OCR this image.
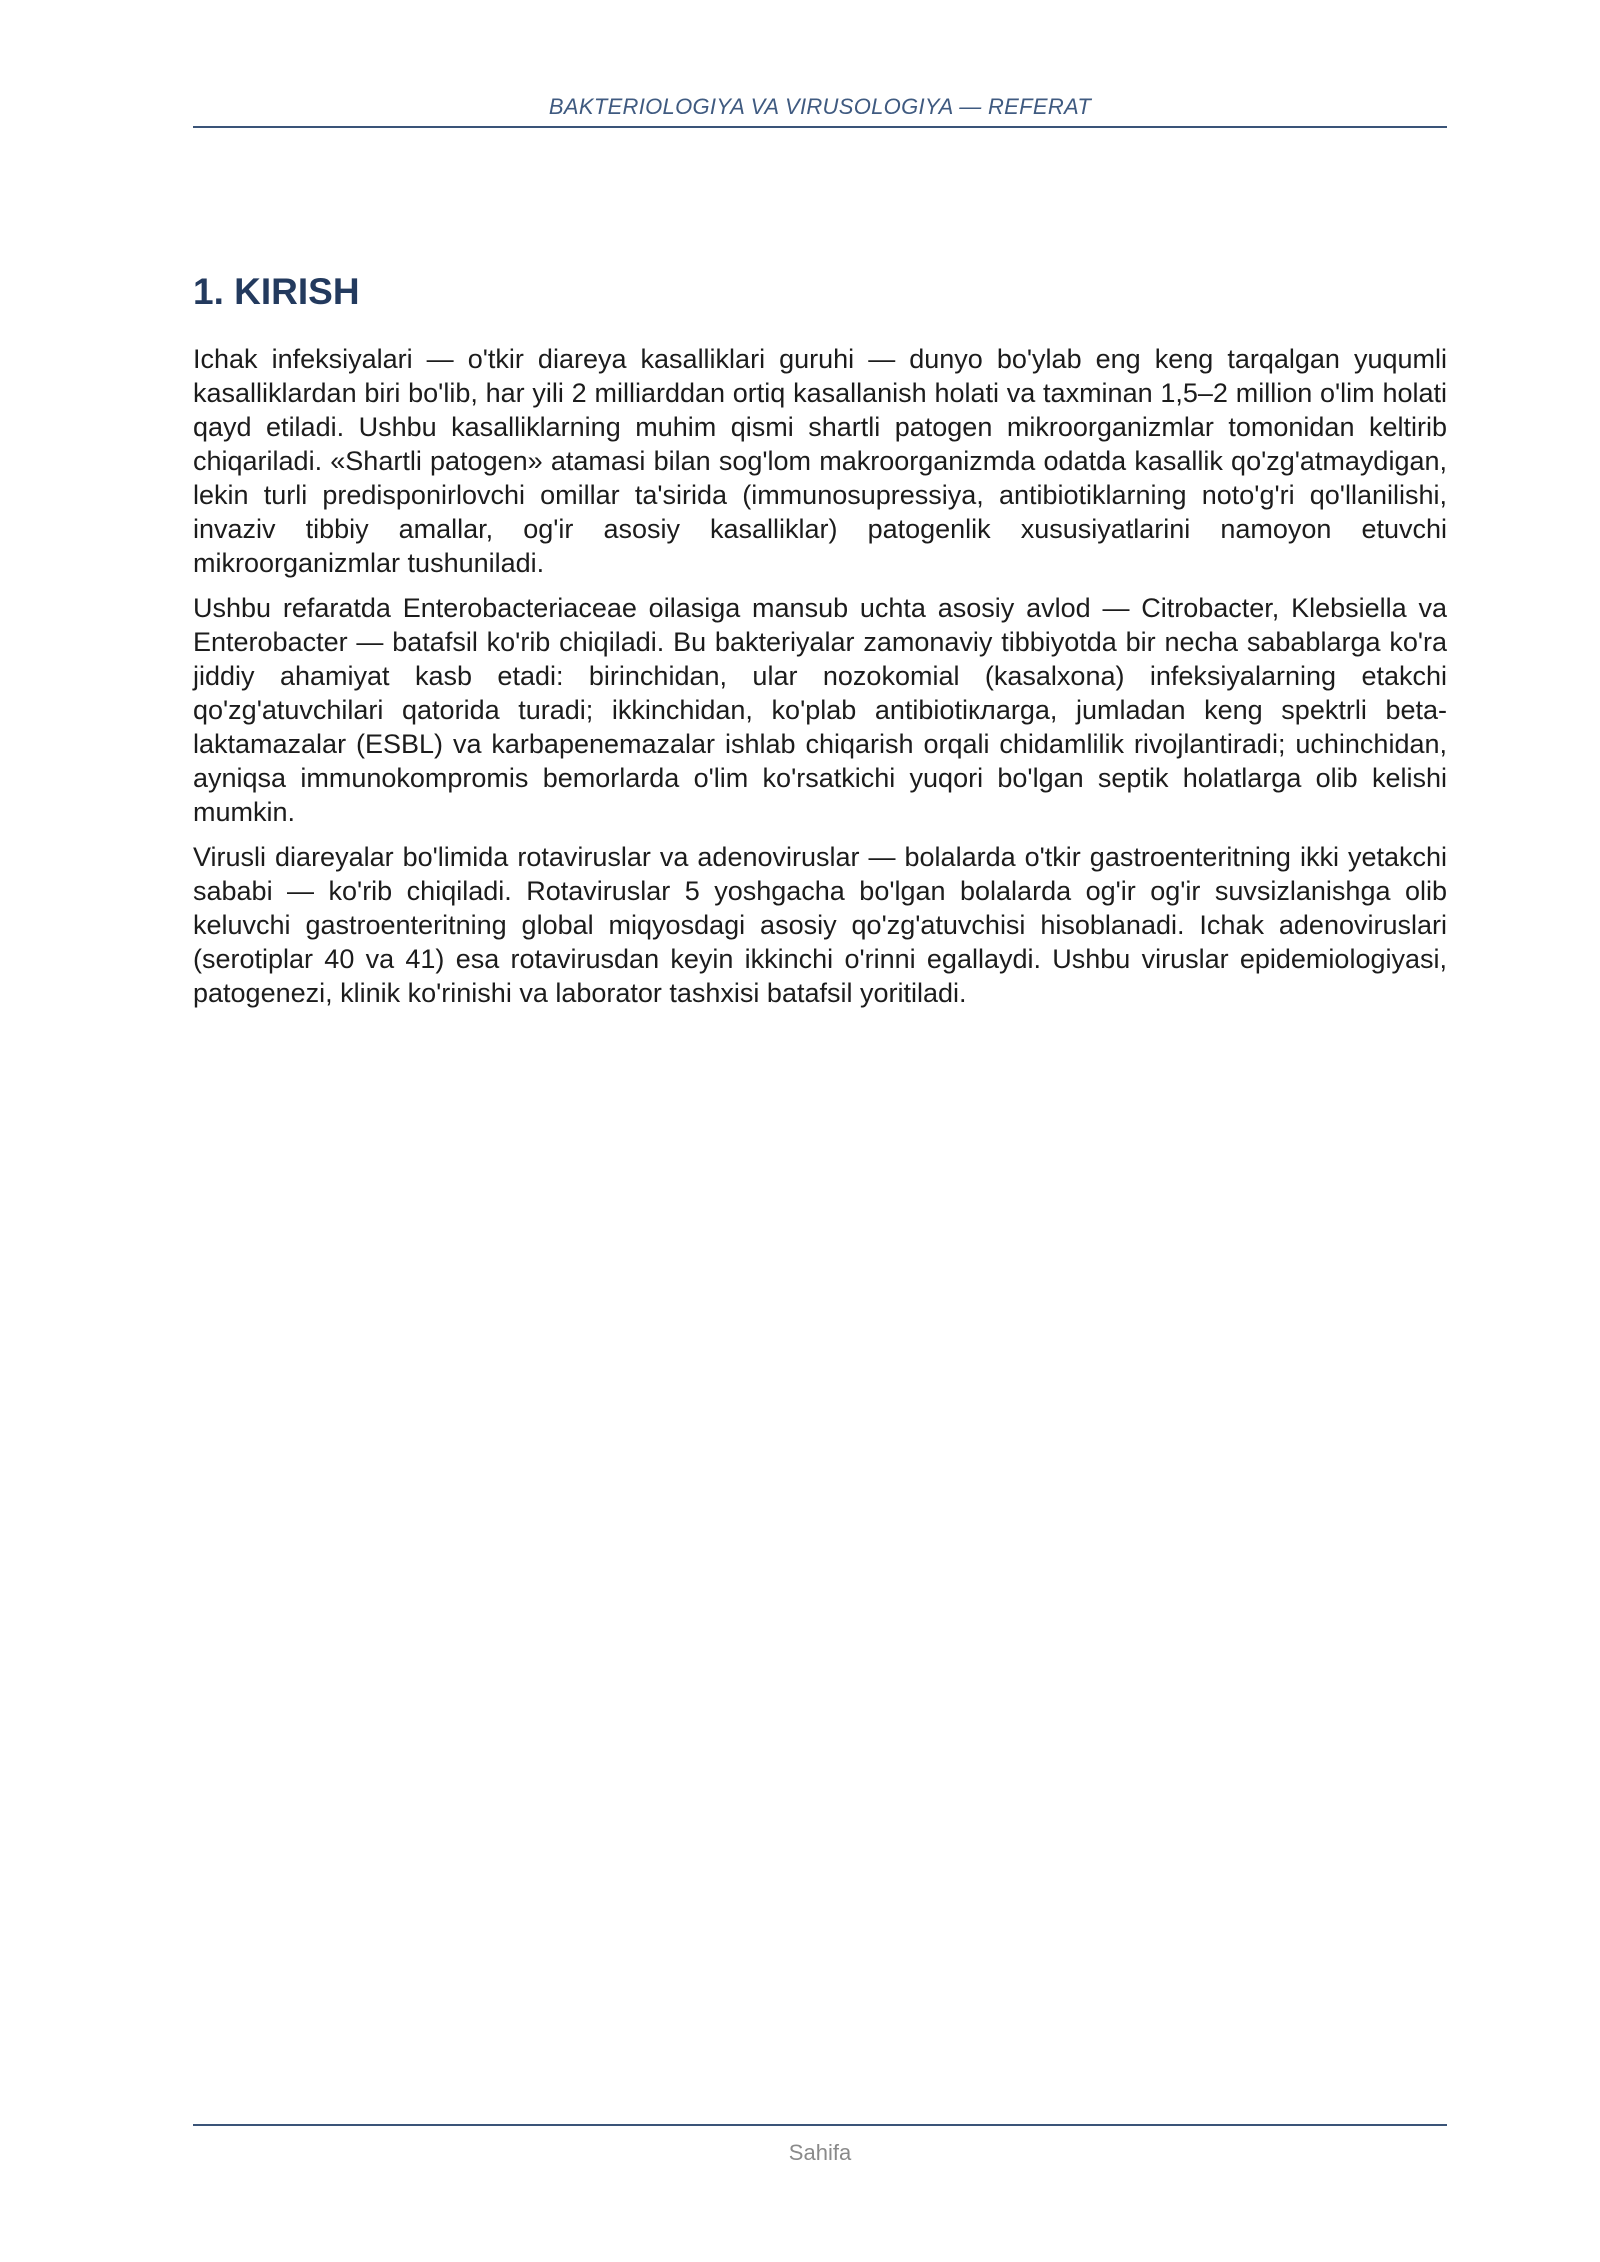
BAKTERIOLOGIYA VA VIRUSOLOGIYA — REFERAT
1. KIRISH

Ichak infeksiyalari — o'tkir diareya kasalliklari guruhi — dunyo bo'ylab eng keng tarqalgan yuqumli kasalliklardan biri bo'lib, har yili 2 milliarddan ortiq kasallanish holati va taxminan 1,5–2 million o'lim holati qayd etiladi. Ushbu kasalliklarning muhim qismi shartli patogen mikroorganizmlar tomonidan keltirib chiqariladi. «Shartli patogen» atamasi bilan sog'lom makroorganizmda odatda kasallik qo'zg'atmaydigan, lekin turli predisponirlovchi omillar ta'sirida (immunosupressiya, antibiotiklarning noto'g'ri qo'llanilishi, invaziv tibbiy amallar, og'ir asosiy kasalliklar) patogenlik xususiyatlarini namoyon etuvchi mikroorganizmlar tushuniladi.

Ushbu refaratda Enterobacteriaceae oilasiga mansub uchta asosiy avlod — Citrobacter, Klebsiella va Enterobacter — batafsil ko'rib chiqiladi. Bu bakteriyalar zamonaviy tibbiyotda bir necha sabablarga ko'ra jiddiy ahamiyat kasb etadi: birinchidan, ular nozokomial (kasalxona) infeksiyalarning etakchi qo'zg'atuvchilari qatorida turadi; ikkinchidan, ko'plab antibiotiклarga, jumladan keng spektrli beta-laktamazalar (ESBL) va karbapenemazalar ishlab chiqarish orqali chidamlilik rivojlantiradi; uchinchidan, ayniqsa immunokompromis bemorlarda o'lim ko'rsatkichi yuqori bo'lgan septik holatlarga olib kelishi mumkin.

Virusli diareyalar bo'limida rotaviruslar va adenoviruslar — bolalarda o'tkir gastroenteritning ikki yetakchi sababi — ko'rib chiqiladi. Rotaviruslar 5 yoshgacha bo'lgan bolalarda og'ir og'ir suvsizlanishga olib keluvchi gastroenteritning global miqyosdagi asosiy qo'zg'atuvchisi hisoblanadi. Ichak adenoviruslari (serotiplar 40 va 41) esa rotavirusdan keyin ikkinchi o'rinni egallaydi. Ushbu viruslar epidemiologiyasi, patogenezi, klinik ko'rinishi va laborator tashxisi batafsil yoritiladi.

Sahifa
